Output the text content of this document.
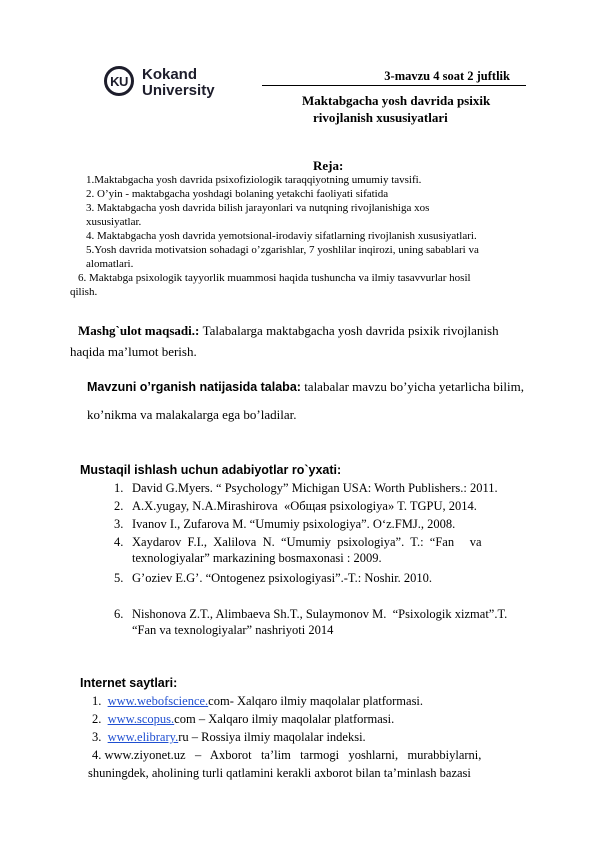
KU Kokand
University
3-mavzu 4 soat 2 juftlik
Maktabgacha yosh davrida psixik
rivojlanish xususiyatlari
Reja:
1.Maktabgacha yosh davrida psixofiziologik taraqqiyotning umumiy tavsifi.
2. O’yin - maktabgacha yoshdagi bolaning yetakchi faoliyati sifatida
3. Maktabgacha yosh davrida bilish jarayonlari va nutqning rivojlanishiga xos
xususiyatlar.
4. Maktabgacha yosh davrida yemotsional-irodaviy sifatlarning rivojlanish xususiyatlari.
5.Yosh davrida motivatsion sohadagi o’zgarishlar, 7 yoshlilar inqirozi, uning sabablari va
alomatlari.
6. Maktabga psixologik tayyorlik muammosi haqida tushuncha va ilmiy tasavvurlar hosil
qilish.
Mashg`ulot maqsadi.: Talabalarga maktabgacha yosh davrida psixik rivojlanish
haqida ma’lumot berish.
Mavzuni o’rganish natijasida talaba: talabalar mavzu bo’yicha yetarlicha bilim,
ko’nikma va malakalarga ega bo’ladilar.
Mustaqil ishlash uchun adabiyotlar ro`yxati:
1. David G.Myers. “ Psychology” Michigan USA: Worth Publishers.: 2011.
2. A.X.yugay, N.A.Mirashirova  «Общая psixologiya» T. TGPU, 2014.
3. Ivanov I., Zufarova M. “Umumiy psixologiya”. O‘z.FMJ., 2008.
4. Xaydarov  F.I.,  Xalilova  N.  “Umumiy  psixologiya”.  T.:  “Fan     va
texnologiyalar” markazining bosmaxonasi : 2009.
5. G’oziev E.G’. “Ontogenez psixologiyasi”.-T.: Noshir. 2010.
6. Nishonova Z.T., Alimbaeva Sh.T., Sulaymonov M.  “Psixologik xizmat”.T.
“Fan va texnologiyalar” nashriyoti 2014
Internet saytlari:
1. www.webofscience.com- Xalqaro ilmiy maqolalar platformasi.
2. www.scopus.com – Xalqaro ilmiy maqolalar platformasi.
3. www.elibrary.ru – Rossiya ilmiy maqolalar indeksi.
4. www.ziyonet.uz   –   Axborot   ta’lim   tarmogi   yoshlarni,   murabbiylarni,
shuningdek, aholining turli qatlamini kerakli axborot bilan ta’minlash bazasi
